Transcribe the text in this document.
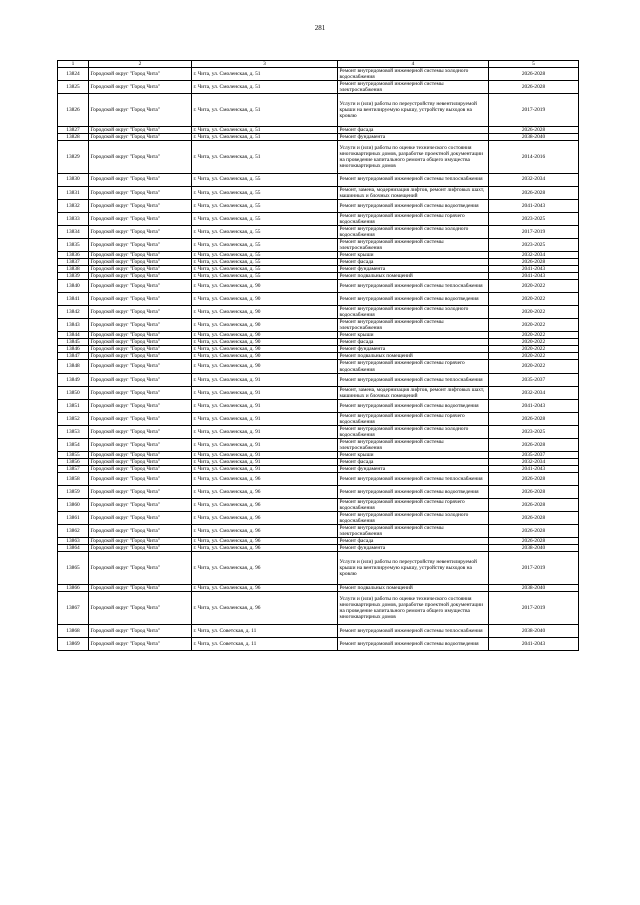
281
1	2	3	4	5
13824	Городской округ "Город Чита"	г. Чита, ул. Смоленская, д. 51	Ремонт внутридомовой инженерной системы холодного водоснабжения	2026-2028
13825	Городской округ "Город Чита"	г. Чита, ул. Смоленская, д. 51	Ремонт внутридомовой инженерной системы электроснабжения	2026-2028
13826	Городской округ "Город Чита"	г. Чита, ул. Смоленская, д. 51	Услуги и (или) работы по переустройству невентилируемой крыши на вентилируемую крышу, устройству выходов на кровлю	2017-2019
13827	Городской округ "Город Чита"	г. Чита, ул. Смоленская, д. 51	Ремонт фасада	2026-2028
13828	Городской округ "Город Чита"	г. Чита, ул. Смоленская, д. 51	Ремонт фундамента	2038-2040
13829	Городской округ "Город Чита"	г. Чита, ул. Смоленская, д. 51	Услуги и (или) работы по оценке технического состояния многоквартирных домов, разработке проектной документации на проведение капитального ремонта общего имущества многоквартирных домов	2014-2016
13830	Городской округ "Город Чита"	г. Чита, ул. Смоленская, д. 55	Ремонт внутридомовой инженерной системы теплоснабжения	2032-2034
13831	Городской округ "Город Чита"	г. Чита, ул. Смоленская, д. 55	Ремонт, замена, модернизация лифтов, ремонт лифтовых шахт, машинных и блочных помещений	2026-2028
13832	Городской округ "Город Чита"	г. Чита, ул. Смоленская, д. 55	Ремонт внутридомовой инженерной системы водоотведения	2041-2043
13833	Городской округ "Город Чита"	г. Чита, ул. Смоленская, д. 55	Ремонт внутридомовой инженерной системы горячего водоснабжения	2023-2025
13834	Городской округ "Город Чита"	г. Чита, ул. Смоленская, д. 55	Ремонт внутридомовой инженерной системы холодного водоснабжения	2017-2019
13835	Городской округ "Город Чита"	г. Чита, ул. Смоленская, д. 55	Ремонт внутридомовой инженерной системы электроснабжения	2023-2025
13836	Городской округ "Город Чита"	г. Чита, ул. Смоленская, д. 55	Ремонт крыши	2032-2034
13837	Городской округ "Город Чита"	г. Чита, ул. Смоленская, д. 55	Ремонт фасада	2026-2028
13838	Городской округ "Город Чита"	г. Чита, ул. Смоленская, д. 55	Ремонт фундамента	2041-2043
13839	Городской округ "Город Чита"	г. Чита, ул. Смоленская, д. 55	Ремонт подвальных помещений	2041-2043
13840	Городской округ "Город Чита"	г. Чита, ул. Смоленская, д. 90	Ремонт внутридомовой инженерной системы теплоснабжения	2020-2022
13841	Городской округ "Город Чита"	г. Чита, ул. Смоленская, д. 90	Ремонт внутридомовой инженерной системы водоотведения	2020-2022
13842	Городской округ "Город Чита"	г. Чита, ул. Смоленская, д. 90	Ремонт внутридомовой инженерной системы холодного водоснабжения	2020-2022
13843	Городской округ "Город Чита"	г. Чита, ул. Смоленская, д. 90	Ремонт внутридомовой инженерной системы электроснабжения	2020-2022
13844	Городской округ "Город Чита"	г. Чита, ул. Смоленская, д. 90	Ремонт крыши	2020-2022
13845	Городской округ "Город Чита"	г. Чита, ул. Смоленская, д. 90	Ремонт фасада	2020-2022
13846	Городской округ "Город Чита"	г. Чита, ул. Смоленская, д. 90	Ремонт фундамента	2020-2022
13847	Городской округ "Город Чита"	г. Чита, ул. Смоленская, д. 90	Ремонт подвальных помещений	2020-2022
13848	Городской округ "Город Чита"	г. Чита, ул. Смоленская, д. 90	Ремонт внутридомовой инженерной системы горячего водоснабжения	2020-2022
13849	Городской округ "Город Чита"	г. Чита, ул. Смоленская, д. 91	Ремонт внутридомовой инженерной системы теплоснабжения	2035-2037
13850	Городской округ "Город Чита"	г. Чита, ул. Смоленская, д. 91	Ремонт, замена, модернизация лифтов, ремонт лифтовых шахт, машинных и блочных помещений	2032-2034
13851	Городской округ "Город Чита"	г. Чита, ул. Смоленская, д. 91	Ремонт внутридомовой инженерной системы водоотведения	2041-2043
13852	Городской округ "Город Чита"	г. Чита, ул. Смоленская, д. 91	Ремонт внутридомовой инженерной системы горячего водоснабжения	2026-2028
13853	Городской округ "Город Чита"	г. Чита, ул. Смоленская, д. 91	Ремонт внутридомовой инженерной системы холодного водоснабжения	2023-2025
13854	Городской округ "Город Чита"	г. Чита, ул. Смоленская, д. 91	Ремонт внутридомовой инженерной системы электроснабжения	2026-2028
13855	Городской округ "Город Чита"	г. Чита, ул. Смоленская, д. 91	Ремонт крыши	2035-2037
13856	Городской округ "Город Чита"	г. Чита, ул. Смоленская, д. 91	Ремонт фасада	2032-2034
13857	Городской округ "Город Чита"	г. Чита, ул. Смоленская, д. 91	Ремонт фундамента	2041-2043
13858	Городской округ "Город Чита"	г. Чита, ул. Смоленская, д. 96	Ремонт внутридомовой инженерной системы теплоснабжения	2026-2028
13859	Городской округ "Город Чита"	г. Чита, ул. Смоленская, д. 96	Ремонт внутридомовой инженерной системы водоотведения	2026-2028
13860	Городской округ "Город Чита"	г. Чита, ул. Смоленская, д. 96	Ремонт внутридомовой инженерной системы горячего водоснабжения	2026-2028
13861	Городской округ "Город Чита"	г. Чита, ул. Смоленская, д. 96	Ремонт внутридомовой инженерной системы холодного водоснабжения	2026-2028
13862	Городской округ "Город Чита"	г. Чита, ул. Смоленская, д. 96	Ремонт внутридомовой инженерной системы электроснабжения	2026-2028
13863	Городской округ "Город Чита"	г. Чита, ул. Смоленская, д. 96	Ремонт фасада	2026-2028
13864	Городской округ "Город Чита"	г. Чита, ул. Смоленская, д. 96	Ремонт фундамента	2038-2040
13865	Городской округ "Город Чита"	г. Чита, ул. Смоленская, д. 96	Услуги и (или) работы по переустройству невентилируемой крыши на вентилируемую крышу, устройству выходов на кровлю	2017-2019
13866	Городской округ "Город Чита"	г. Чита, ул. Смоленская, д. 96	Ремонт подвальных помещений	2038-2040
13867	Городской округ "Город Чита"	г. Чита, ул. Смоленская, д. 96	Услуги и (или) работы по оценке технического состояния многоквартирных домов, разработке проектной документации на проведение капитального ремонта общего имущества многоквартирных домов	2017-2019
13868	Городской округ "Город Чита"	г. Чита, ул. Советская, д. 11	Ремонт внутридомовой инженерной системы теплоснабжения	2038-2040
13869	Городской округ "Город Чита"	г. Чита, ул. Советская, д. 11	Ремонт внутридомовой инженерной системы водоотведения	2041-2043
